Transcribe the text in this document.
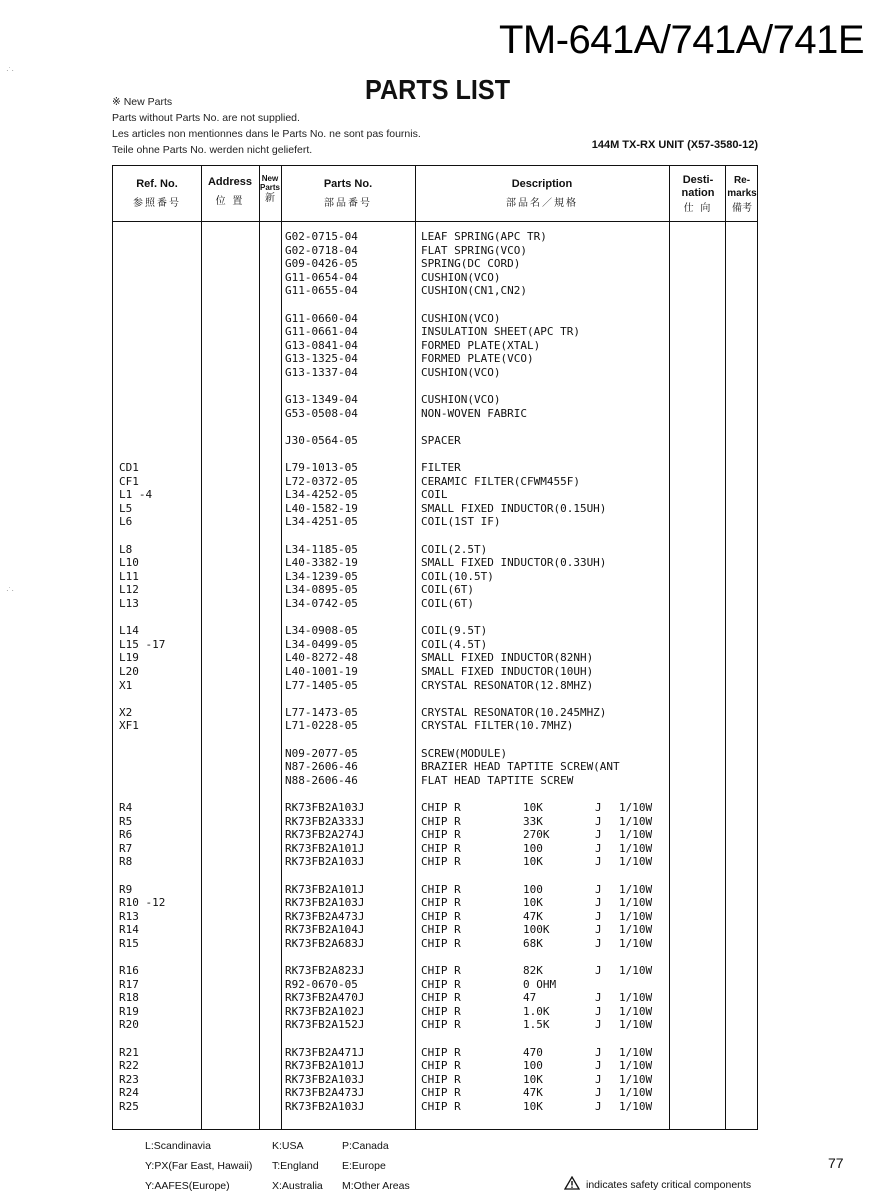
TM-641A/741A/741E
PARTS LIST
·˙·
·˙·
※ New Parts
Parts without Parts No. are not supplied.
Les articles non mentionnes dans le Parts No. ne sont pas fournis.
Teile ohne Parts No. werden nicht geliefert.	144M TX-RX UNIT (X57-3580-12)
Ref. No.
参照番号
Address
位 置
New Parts
新
Parts No.
部品番号
Description
部品名／規格
Desti- nation
仕 向
Re- marks
備考
G02-0715-04	LEAF SPRING(APC TR)
G02-0718-04	FLAT SPRING(VCO)
G09-0426-05	SPRING(DC CORD)
G11-0654-04	CUSHION(VCO)
G11-0655-04	CUSHION(CN1,CN2)
G11-0660-04	CUSHION(VCO)
G11-0661-04	INSULATION SHEET(APC TR)
G13-0841-04	FORMED PLATE(XTAL)
G13-1325-04	FORMED PLATE(VCO)
G13-1337-04	CUSHION(VCO)
G13-1349-04	CUSHION(VCO)
G53-0508-04	NON-WOVEN FABRIC
J30-0564-05	SPACER
CD1	L79-1013-05	FILTER
CF1	L72-0372-05	CERAMIC FILTER(CFWM455F)
L1 -4	L34-4252-05	COIL
L5	L40-1582-19	SMALL FIXED INDUCTOR(0.15UH)
L6	L34-4251-05	COIL(1ST IF)
L8	L34-1185-05	COIL(2.5T)
L10	L40-3382-19	SMALL FIXED INDUCTOR(0.33UH)
L11	L34-1239-05	COIL(10.5T)
L12	L34-0895-05	COIL(6T)
L13	L34-0742-05	COIL(6T)
L14	L34-0908-05	COIL(9.5T)
L15 -17	L34-0499-05	COIL(4.5T)
L19	L40-8272-48	SMALL FIXED INDUCTOR(82NH)
L20	L40-1001-19	SMALL FIXED INDUCTOR(10UH)
X1	L77-1405-05	CRYSTAL RESONATOR(12.8MHZ)
X2	L77-1473-05	CRYSTAL RESONATOR(10.245MHZ)
XF1	L71-0228-05	CRYSTAL FILTER(10.7MHZ)
N09-2077-05	SCREW(MODULE)
N87-2606-46	BRAZIER HEAD TAPTITE SCREW(ANT
N88-2606-46	FLAT HEAD TAPTITE SCREW
R4	RK73FB2A103J	CHIP R	10K	J 1/10W
R5	RK73FB2A333J	CHIP R	33K	J 1/10W
R6	RK73FB2A274J	CHIP R	270K	J 1/10W
R7	RK73FB2A101J	CHIP R	100	J 1/10W
R8	RK73FB2A103J	CHIP R	10K	J 1/10W
R9	RK73FB2A101J	CHIP R	100	J 1/10W
R10 -12	RK73FB2A103J	CHIP R	10K	J 1/10W
R13	RK73FB2A473J	CHIP R	47K	J 1/10W
R14	RK73FB2A104J	CHIP R	100K	J 1/10W
R15	RK73FB2A683J	CHIP R	68K	J 1/10W
R16	RK73FB2A823J	CHIP R	82K	J 1/10W
R17	R92-0670-05	CHIP R	0 OHM
R18	RK73FB2A470J	CHIP R	47	J 1/10W
R19	RK73FB2A102J	CHIP R	1.0K	J 1/10W
R20	RK73FB2A152J	CHIP R	1.5K	J 1/10W
R21	RK73FB2A471J	CHIP R	470	J 1/10W
R22	RK73FB2A101J	CHIP R	100	J 1/10W
R23	RK73FB2A103J	CHIP R	10K	J 1/10W
R24	RK73FB2A473J	CHIP R	47K	J 1/10W
R25	RK73FB2A103J	CHIP R	10K	J 1/10W
L:Scandinavia	K:USA	P:Canada
Y:PX(Far East, Hawaii) T:England E:Europe
Y:AAFES(Europe)	X:Australia M:Other Areas
77
indicates safety critical components
